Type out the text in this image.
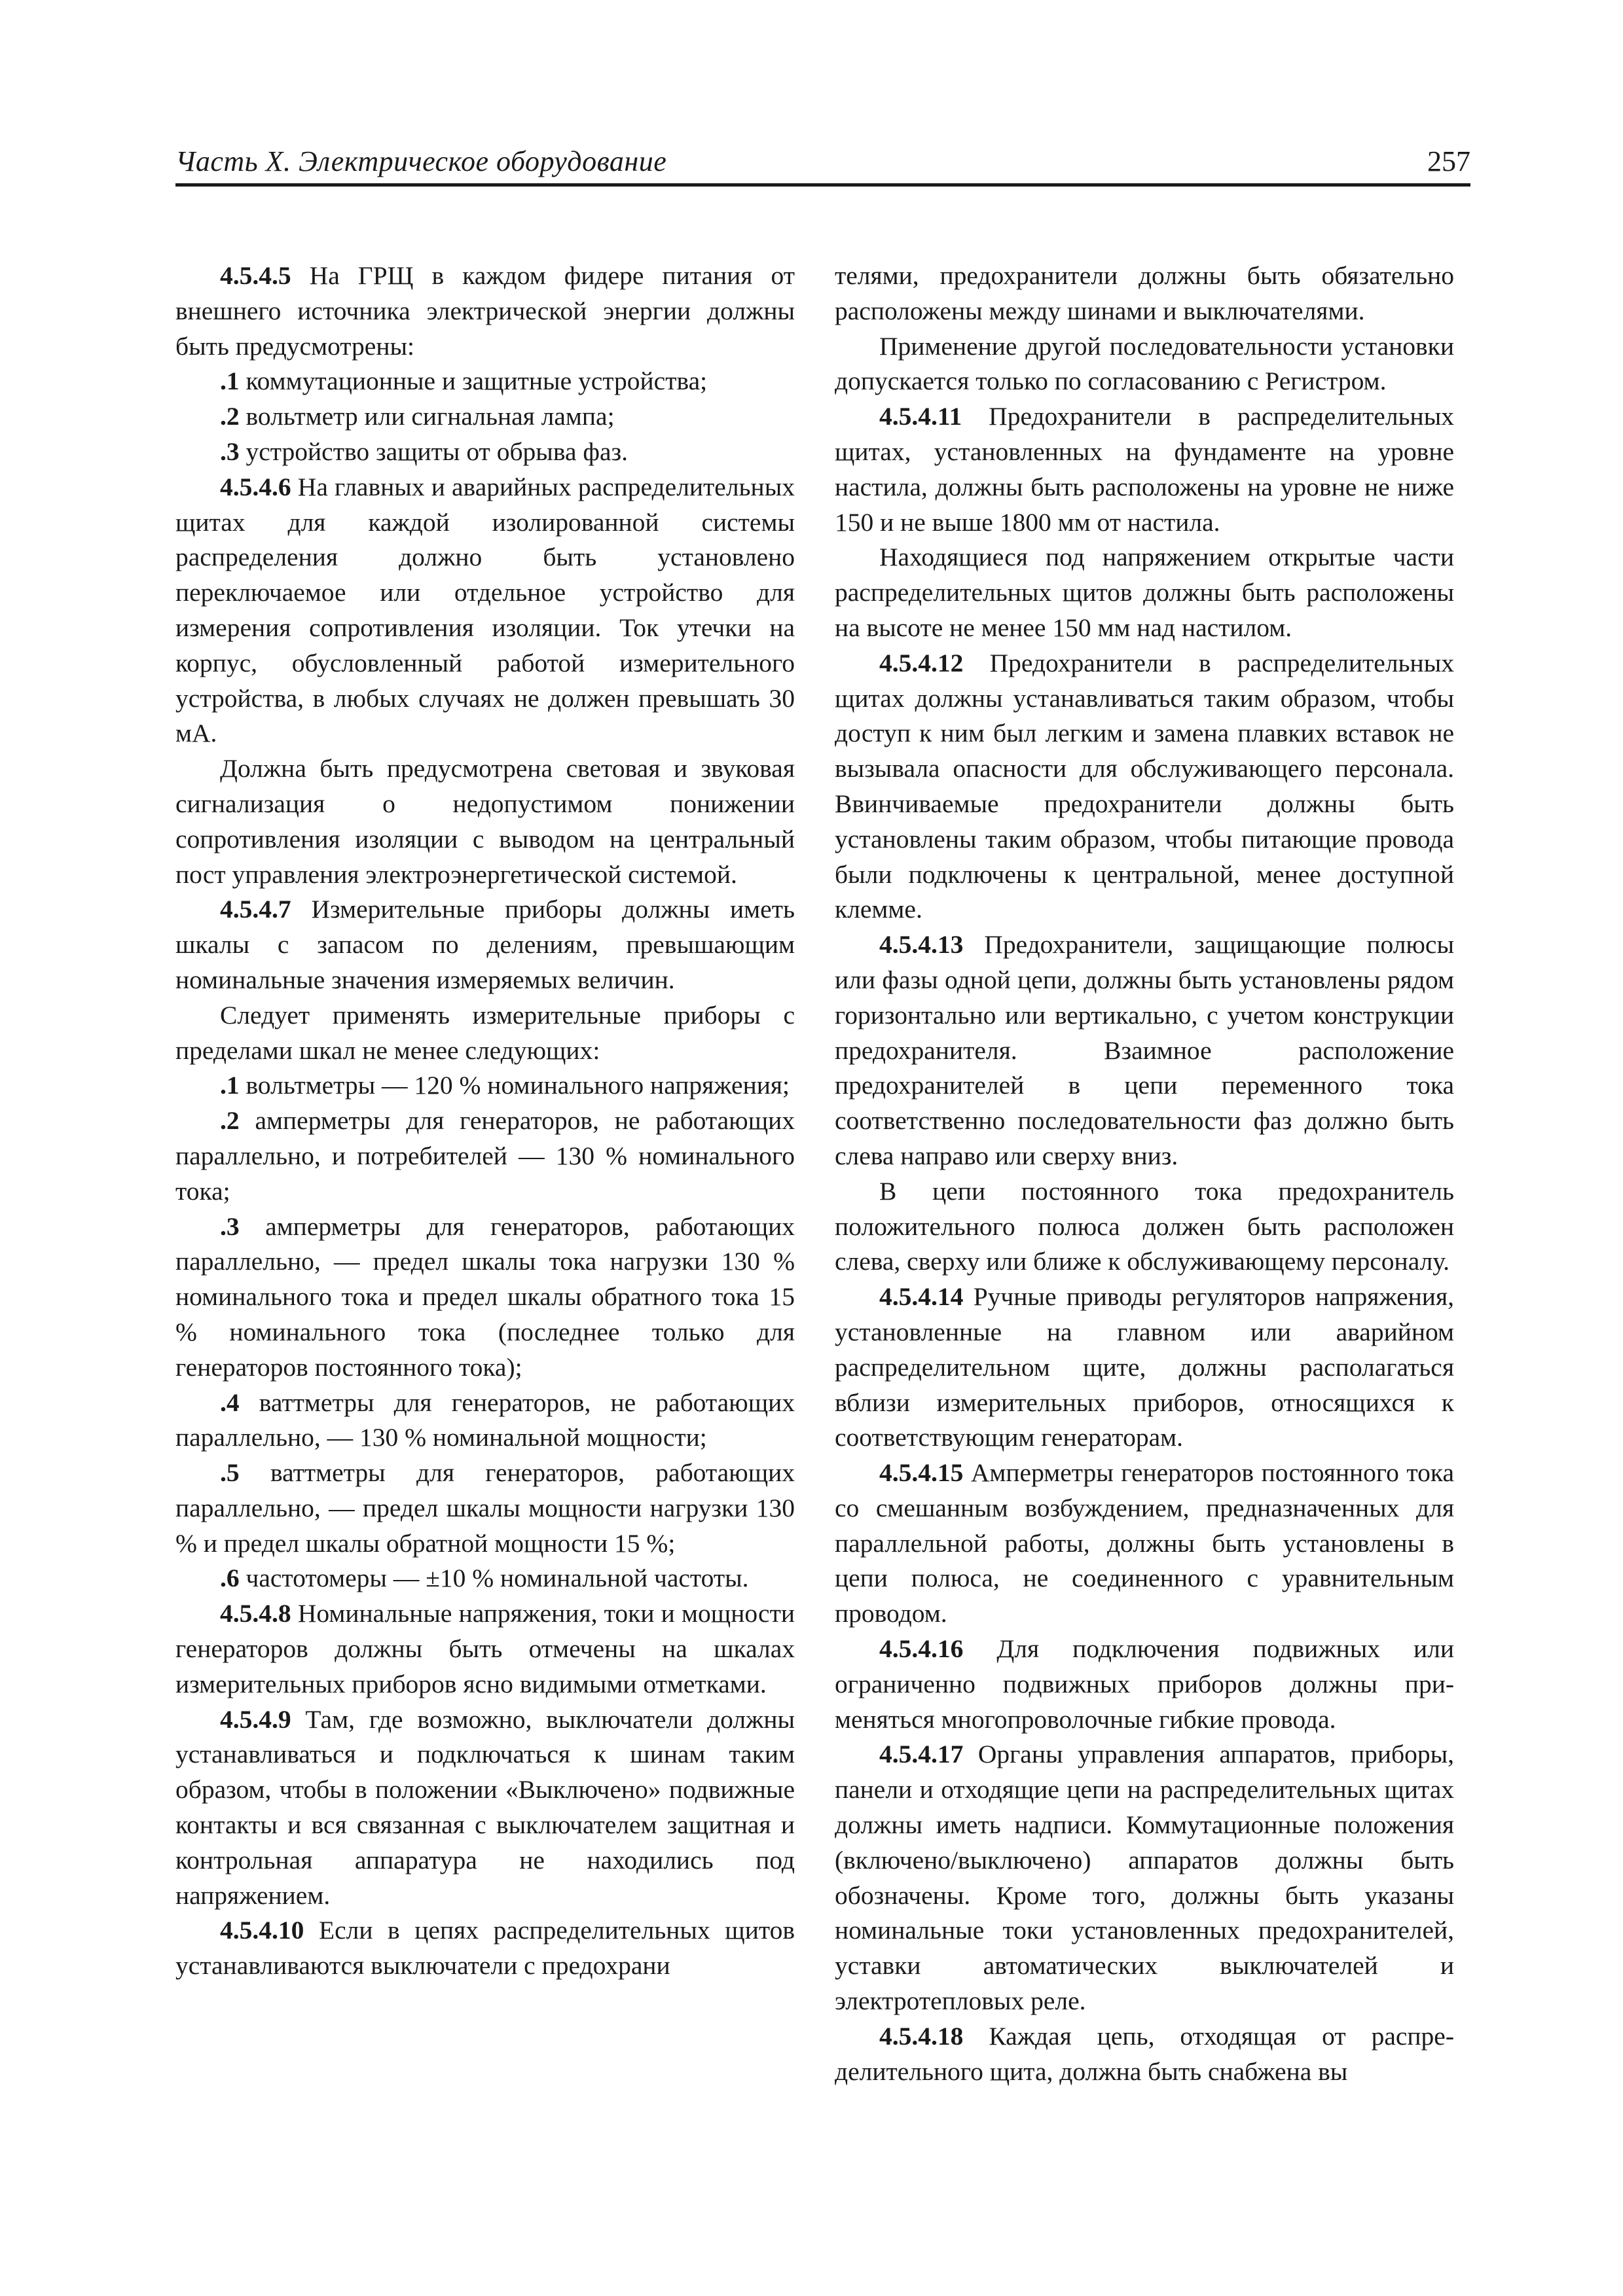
Часть X. Электрическое оборудование	257

4.5.4.5 На ГРЩ в каждом фидере питания от внешнего источника электрической энергии должны быть предусмотрены:

.1 коммутационные и защитные устройства;

.2 вольтметр или сигнальная лампа;

.3 устройство защиты от обрыва фаз.

4.5.4.6 На главных и аварийных распределительных щитах для каждой изолированной системы распределения должно быть установлено переключаемое или отдельное устройство для измерения сопротивления изоляции. Ток утечки на корпус, обусловленный работой измерительного устройства, в любых случаях не должен превышать 30 мА.

Должна быть предусмотрена световая и звуковая сигнализация о недопустимом понижении сопротивления изоляции с выводом на центральный пост управления электроэнергетической системой.

4.5.4.7 Измерительные приборы должны иметь шкалы с запасом по делениям, превышающим номинальные значения измеряемых величин.

Следует применять измерительные приборы с пределами шкал не менее следующих:

.1 вольтметры — 120 % номинального напряжения;

.2 амперметры для генераторов, не работающих параллельно, и потребителей — 130 % номинального тока;

.3 амперметры для генераторов, работающих параллельно, — предел шкалы тока нагрузки 130 % номинального тока и предел шкалы обратного тока 15 % номинального тока (последнее только для генераторов постоянного тока);

.4 ваттметры для генераторов, не работающих параллельно, — 130 % номинальной мощности;

.5 ваттметры для генераторов, работающих параллельно, — предел шкалы мощности нагрузки 130 % и предел шкалы обратной мощности 15 %;

.6 частотомеры — ±10 % номинальной частоты.

4.5.4.8 Номинальные напряжения, токи и мощности генераторов должны быть отмечены на шкалах измерительных приборов ясно видимыми отметками.

4.5.4.9 Там, где возможно, выключатели должны устанавливаться и подключаться к шинам таким образом, чтобы в положении «Выключено» подвижные контакты и вся связанная с выключателем защитная и контрольная аппаратура не находились под напряжением.

4.5.4.10 Если в цепях распределительных щитов устанавливаются выключатели с предохрани

телями, предохранители должны быть обязательно расположены между шинами и выключателями.

Применение другой последовательности установки допускается только по согласованию с Регистром.

4.5.4.11 Предохранители в распределительных щитах, установленных на фундаменте на уровне настила, должны быть расположены на уровне не ниже 150 и не выше 1800 мм от настила.

Находящиеся под напряжением открытые части распределительных щитов должны быть расположены на высоте не менее 150 мм над настилом.

4.5.4.12 Предохранители в распределительных щитах должны устанавливаться таким образом, чтобы доступ к ним был легким и замена плавких вставок не вызывала опасности для обслуживающего персонала. Ввинчиваемые предохранители должны быть установлены таким образом, чтобы питающие провода были подключены к центральной, менее доступной клемме.

4.5.4.13 Предохранители, защищающие полюсы или фазы одной цепи, должны быть установлены рядом горизонтально или вертикально, с учетом конструкции предохранителя. Взаимное расположение предохранителей в цепи переменного тока соответственно последовательности фаз должно быть слева направо или сверху вниз.

В цепи постоянного тока предохранитель положительного полюса должен быть расположен слева, сверху или ближе к обслуживающему персоналу.

4.5.4.14 Ручные приводы регуляторов напряжения, установленные на главном или аварийном распределительном щите, должны располагаться вблизи измерительных приборов, относящихся к соответствующим генераторам.

4.5.4.15 Амперметры генераторов постоянного тока со смешанным возбуждением, предназначенных для параллельной работы, должны быть установлены в цепи полюса, не соединенного с уравнительным проводом.

4.5.4.16 Для подключения подвижных или ограниченно подвижных приборов должны применяться многопроволочные гибкие провода.

4.5.4.17 Органы управления аппаратов, приборы, панели и отходящие цепи на распределительных щитах должны иметь надписи. Коммутационные положения (включено/выключено) аппаратов должны быть обозначены. Кроме того, должны быть указаны номинальные токи установленных предохранителей, уставки автоматических выключателей и электротепловых реле.

4.5.4.18 Каждая цепь, отходящая от распределительного щита, должна быть снабжена вы
